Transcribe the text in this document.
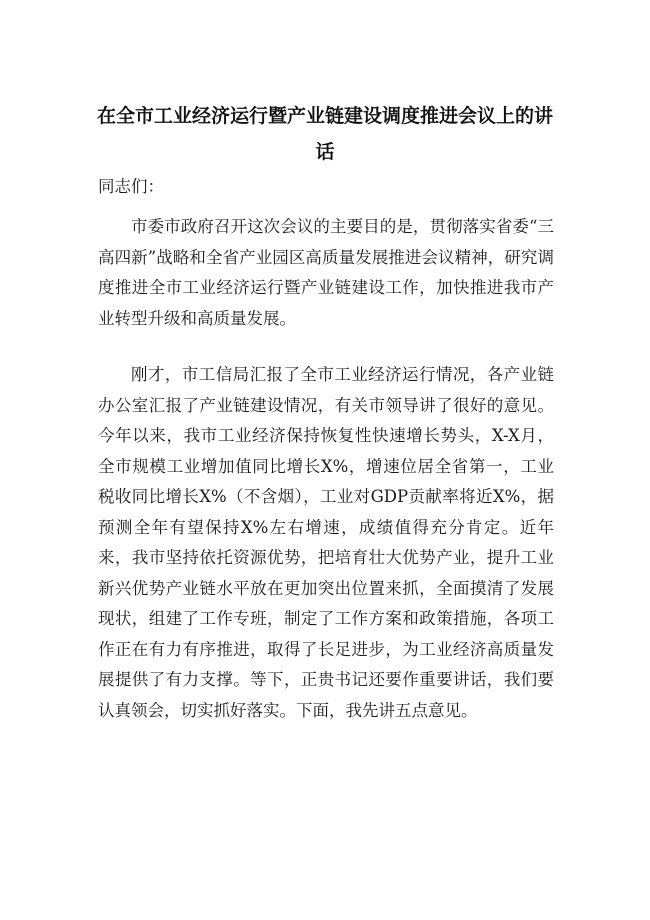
在全市工业经济运行暨产业链建设调度推进会议上的讲话

同志们：

市委市政府召开这次会议的主要目的是，贯彻落实省委“三高四新”战略和全省产业园区高质量发展推进会议精神，研究调度推进全市工业经济运行暨产业链建设工作，加快推进我市产业转型升级和高质量发展。

刚才，市工信局汇报了全市工业经济运行情况，各产业链办公室汇报了产业链建设情况，有关市领导讲了很好的意见。今年以来，我市工业经济保持恢复性快速增长势头，X-X月，全市规模工业增加值同比增长X%，增速位居全省第一，工业税收同比增长X%（不含烟），工业对GDP贡献率将近X%，据预测全年有望保持X%左右增速，成绩值得充分肯定。近年来，我市坚持依托资源优势，把培育壮大优势产业，提升工业新兴优势产业链水平放在更加突出位置来抓，全面摸清了发展现状，组建了工作专班，制定了工作方案和政策措施，各项工作正在有力有序推进，取得了长足进步，为工业经济高质量发展提供了有力支撑。等下，正贵书记还要作重要讲话，我们要认真领会，切实抓好落实。下面，我先讲五点意见。
